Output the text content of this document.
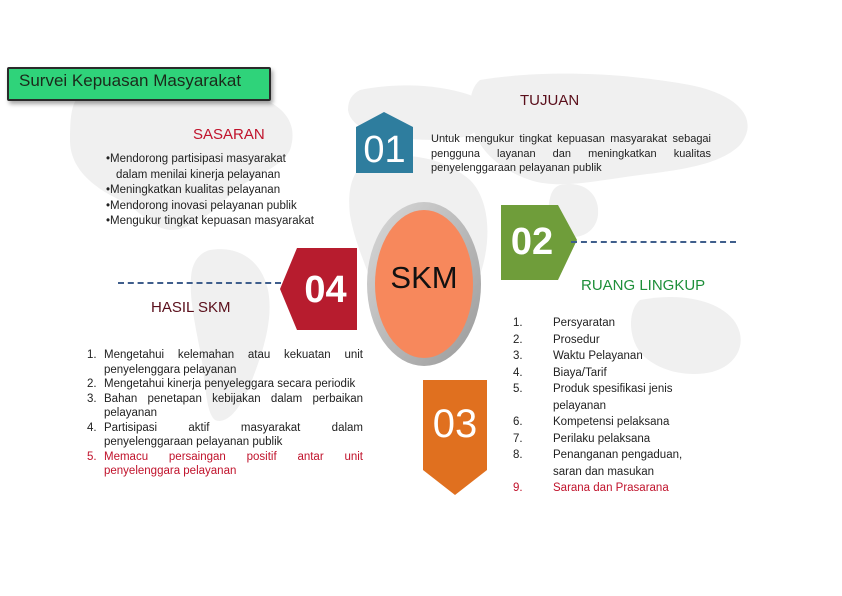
Survei Kepuasan Masyarakat
SASARAN
•Mendorong partisipasi masyarakat
dalam menilai kinerja pelayanan
•Meningkatkan kualitas pelayanan
•Mendorong inovasi pelayanan publik
•Mengukur tingkat kepuasan masyarakat
TUJUAN
Untuk mengukur tingkat kepuasan masyarakat sebagai pengguna layanan dan meningkatkan kualitas penyelenggaraan pelayanan publik
01
02
04
03
SKM
HASIL SKM
1. Mengetahui kelemahan atau kekuatan unit penyelenggara pelayanan
2. Mengetahui kinerja penyeleggara secara periodik
3. Bahan penetapan kebijakan dalam perbaikan pelayanan
4. Partisipasi aktif masyarakat dalam penyelenggaraan pelayanan publik
5. Memacu persaingan positif antar unit penyelenggara pelayanan
RUANG LINGKUP
1.	Persyaratan
2.	Prosedur
3.	Waktu Pelayanan
4.	Biaya/Tarif
5.	Produk spesifikasi jenis pelayanan
6.	Kompetensi pelaksana
7.	Perilaku pelaksana
8.	Penanganan pengaduan, saran dan masukan
9.	Sarana dan Prasarana
